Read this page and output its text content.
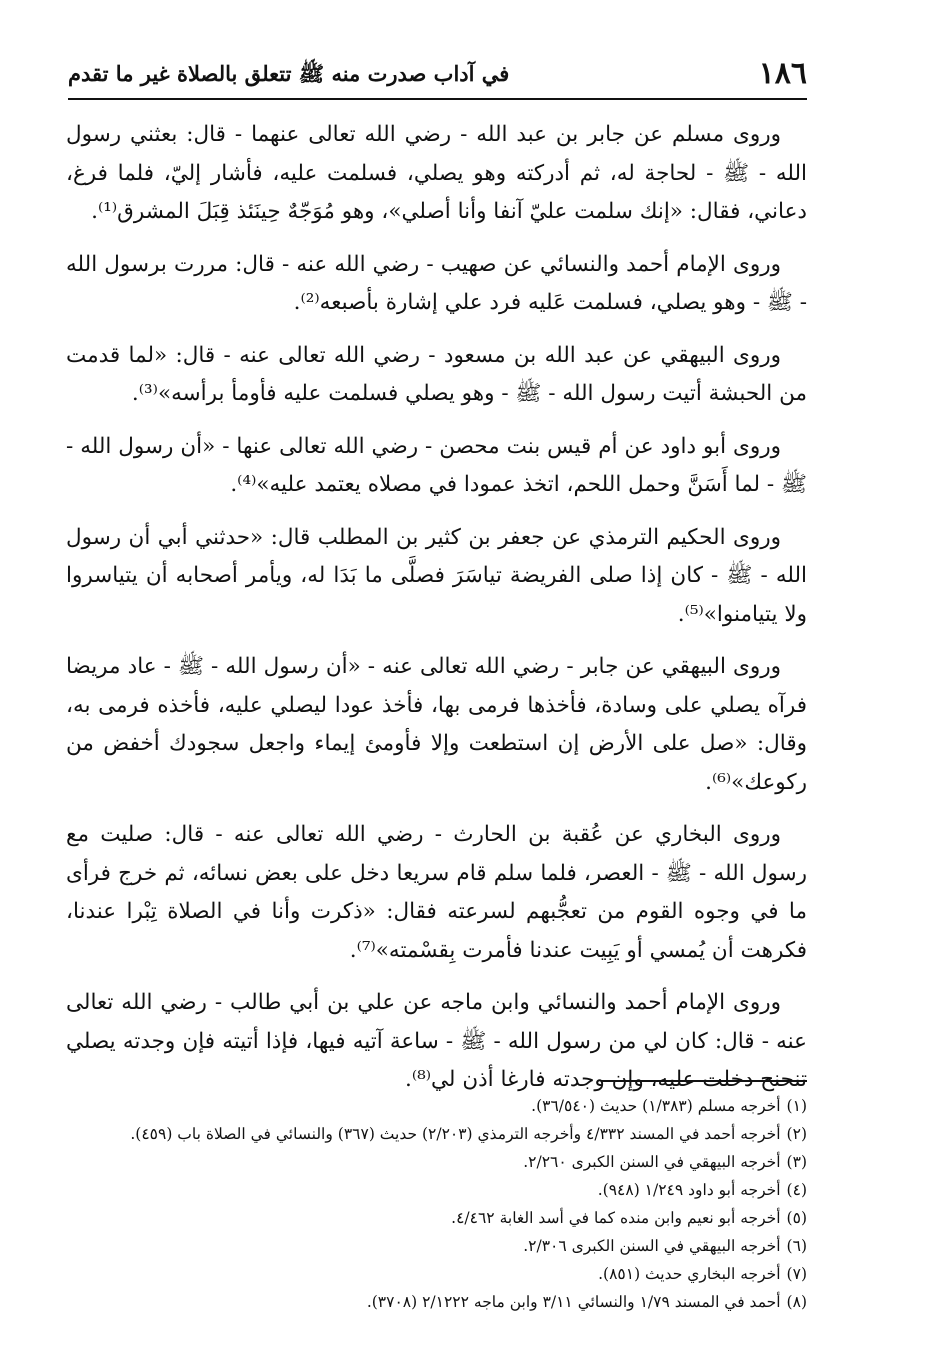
١٨٦
في آداب صدرت منه ﷺ تتعلق بالصلاة غير ما تقدم

وروى مسلم عن جابر بن عبد الله - رضي الله تعالى عنهما - قال: بعثني رسول الله - ﷺ - لحاجة له، ثم أدركته وهو يصلي، فسلمت عليه، فأشار إليّ، فلما فرغ، دعاني، فقال: «إنك سلمت عليّ آنفا وأنا أصلي»، وهو مُوَجّهٌ حِينَئذ قِبَلَ المشرق⁽¹⁾.

وروى الإمام أحمد والنسائي عن صهيب - رضي الله عنه - قال: مررت برسول الله - ﷺ - وهو يصلي، فسلمت عَليه فرد علي إشارة بأصبعه⁽²⁾.

وروى البيهقي عن عبد الله بن مسعود - رضي الله تعالى عنه - قال: «لما قدمت من الحبشة أتيت رسول الله - ﷺ - وهو يصلي فسلمت عليه فأومأ برأسه»⁽³⁾.

وروى أبو داود عن أم قيس بنت محصن - رضي الله تعالى عنها - «أن رسول الله - ﷺ - لما أَسَنَّ وحمل اللحم، اتخذ عمودا في مصلاه يعتمد عليه»⁽⁴⁾.

وروى الحكيم الترمذي عن جعفر بن كثير بن المطلب قال: «حدثني أبي أن رسول الله - ﷺ - كان إذا صلى الفريضة تياسَرَ فصلَّى ما بَدَا له، ويأمر أصحابه أن يتياسروا ولا يتيامنوا»⁽⁵⁾.

وروى البيهقي عن جابر - رضي الله تعالى عنه - «أن رسول الله - ﷺ - عاد مريضا فرآه يصلي على وسادة، فأخذها فرمى بها، فأخذ عودا ليصلي عليه، فأخذه فرمى به، وقال: «صل على الأرض إن استطعت وإلا فأومئ إيماء واجعل سجودك أخفض من ركوعك»⁽⁶⁾.

وروى البخاري عن عُقبة بن الحارث - رضي الله تعالى عنه - قال: صليت مع رسول الله - ﷺ - العصر، فلما سلم قام سريعا دخل على بعض نسائه، ثم خرج فرأى ما في وجوه القوم من تعجُّبهم لسرعته فقال: «ذكرت وأنا في الصلاة تِبْرا عندنا، فكرهت أن يُمسي أو يَبِيت عندنا فأمرت بِقسْمته»⁽⁷⁾.

وروى الإمام أحمد والنسائي وابن ماجه عن علي بن أبي طالب - رضي الله تعالى عنه - قال: كان لي من رسول الله - ﷺ - ساعة آتيه فيها، فإذا أتيته فإن وجدته يصلي تنحنح دخلت عليه، وإن وجدته فارغا أذن لي⁽⁸⁾.

(١)أخرجه مسلم (١/٣٨٣) حديث (٣٦/٥٤٠).

(٢)أخرجه أحمد في المسند ٤/٣٣٢ وأخرجه الترمذي (٢/٢٠٣) حديث (٣٦٧) والنسائي في الصلاة باب (٤٥٩).

(٣)أخرجه البيهقي في السنن الكبرى ٢/٢٦٠.

(٤)أخرجه أبو داود ١/٢٤٩ (٩٤٨).

(٥)أخرجه أبو نعيم وابن منده كما في أسد الغابة ٤/٤٦٢.

(٦)أخرجه البيهقي في السنن الكبرى ٢/٣٠٦.

(٧)أخرجه البخاري حديث (٨٥١).

(٨)أحمد في المسند ١/٧٩ والنسائي ٣/١١ وابن ماجه ٢/١٢٢٢ (٣٧٠٨).
